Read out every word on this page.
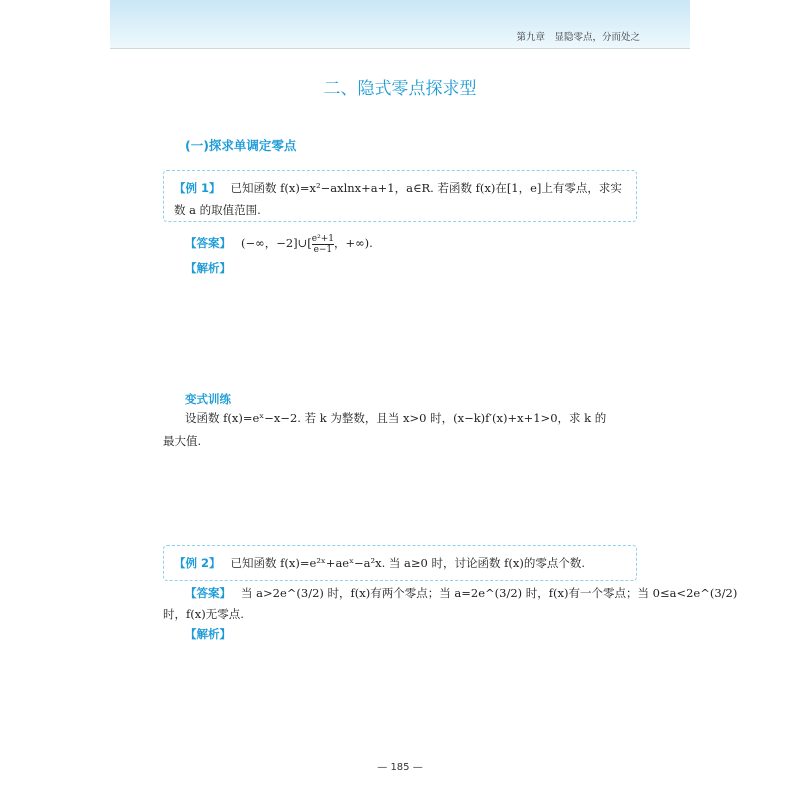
第九章　显隐零点，分而处之
二、隐式零点探求型
(一)探求单调定零点
【例 1】 已知函数 f(x)=x²−axlnx+a+1，a∈R. 若函数 f(x)在[1，e]上有零点，求实
数 a 的取值范围.
【答案】 (−∞，−2]∪[ $\frac{\text{e²+1}}{e-1}$ ，+∞).
【解析】
变式训练
设函数 f(x)=eˣ−x−2. 若 k 为整数，且当 x>0 时，(x−k)f′(x)+x+1>0，求 k 的
最大值.
【例 2】 已知函数 f(x)=e²ˣ+aeˣ−a²x. 当 a≥0 时，讨论函数 f(x)的零点个数.
【答案】 当 a>2e^(3/2) 时，f(x)有两个零点；当 a=2e^(3/2) 时，f(x)有一个零点；当 0≤a<2e^(3/2)
时，f(x)无零点.
【解析】
— 185 —
